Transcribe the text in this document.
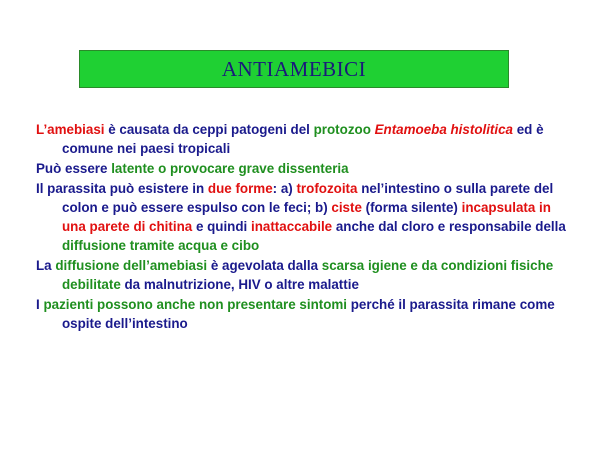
ANTIAMEBICI

L’amebiasi è causata da ceppi patogeni del protozoo Entamoeba histolitica ed è comune nei paesi tropicali

Può essere latente o provocare grave dissenteria

Il parassita può esistere in due forme: a) trofozoita nel’intestino o sulla parete del colon e può essere espulso con le feci; b) ciste (forma silente) incapsulata in una parete di chitina e quindi inattaccabile anche dal cloro e responsabile della diffusione tramite acqua e cibo

La diffusione dell’amebiasi è agevolata dalla scarsa igiene e da condizioni fisiche debilitate da malnutrizione, HIV o altre malattie

I pazienti possono anche non presentare sintomi perché il parassita rimane come ospite dell’intestino
